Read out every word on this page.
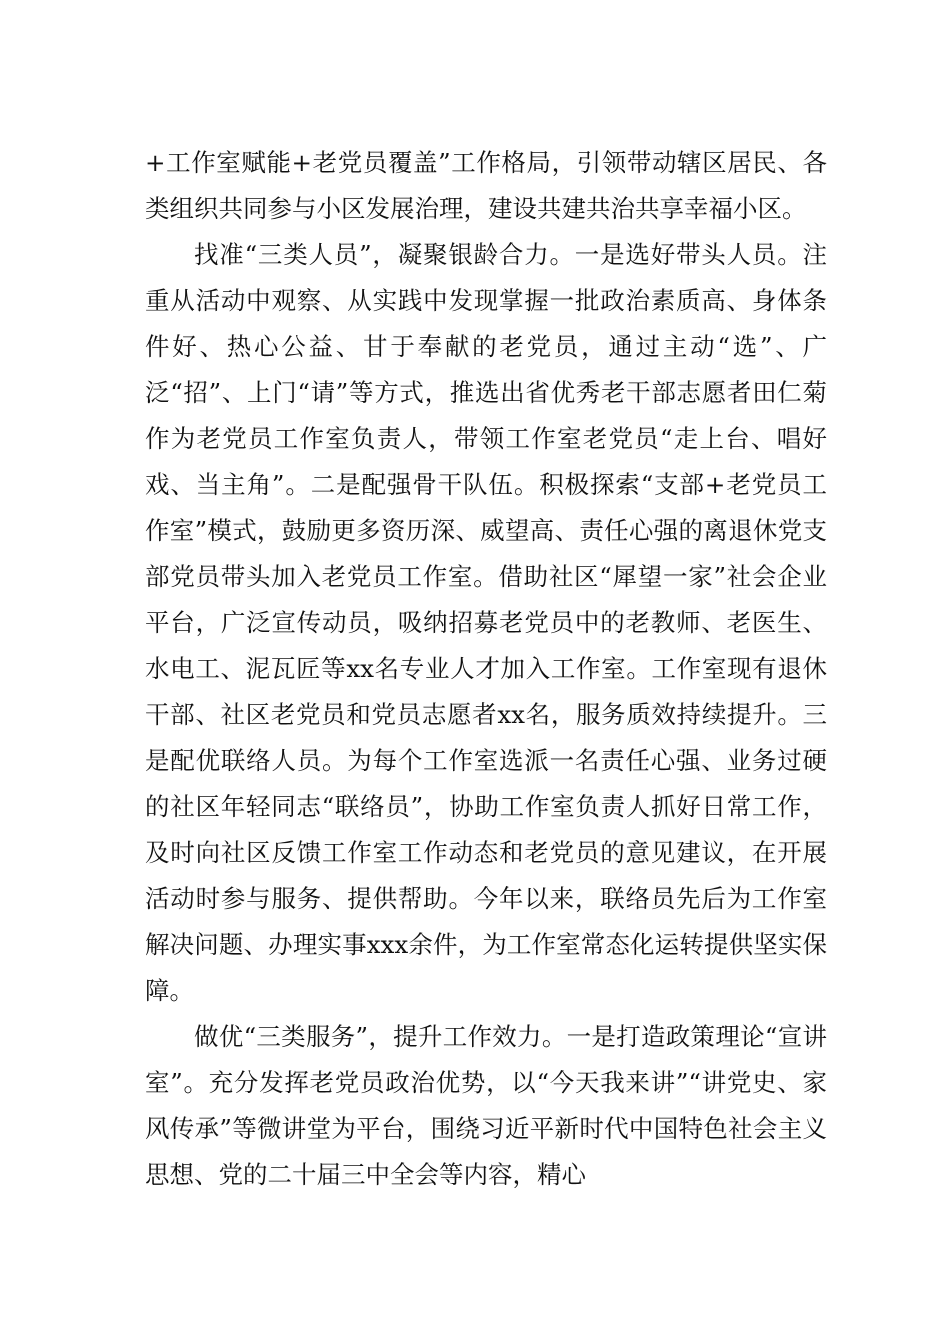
+工作室赋能+老党员覆盖”工作格局，引领带动辖区居民、各类组织共同参与小区发展治理，建设共建共治共享幸福小区。

找准“三类人员”，凝聚银龄合力。一是选好带头人员。注重从活动中观察、从实践中发现掌握一批政治素质高、身体条件好、热心公益、甘于奉献的老党员，通过主动“选”、广泛“招”、上门“请”等方式，推选出省优秀老干部志愿者田仁菊作为老党员工作室负责人，带领工作室老党员“走上台、唱好戏、当主角”。二是配强骨干队伍。积极探索“支部+老党员工作室”模式，鼓励更多资历深、威望高、责任心强的离退休党支部党员带头加入老党员工作室。借助社区“犀望一家”社会企业平台，广泛宣传动员，吸纳招募老党员中的老教师、老医生、水电工、泥瓦匠等xx名专业人才加入工作室。工作室现有退休干部、社区老党员和党员志愿者xx名，服务质效持续提升。三是配优联络人员。为每个工作室选派一名责任心强、业务过硬的社区年轻同志“联络员”，协助工作室负责人抓好日常工作，及时向社区反馈工作室工作动态和老党员的意见建议，在开展活动时参与服务、提供帮助。今年以来，联络员先后为工作室解决问题、办理实事xxx余件，为工作室常态化运转提供坚实保障。

做优“三类服务”，提升工作效力。一是打造政策理论“宣讲室”。充分发挥老党员政治优势，以“今天我来讲”“讲党史、家风传承”等微讲堂为平台，围绕习近平新时代中国特色社会主义思想、党的二十届三中全会等内容，精心
